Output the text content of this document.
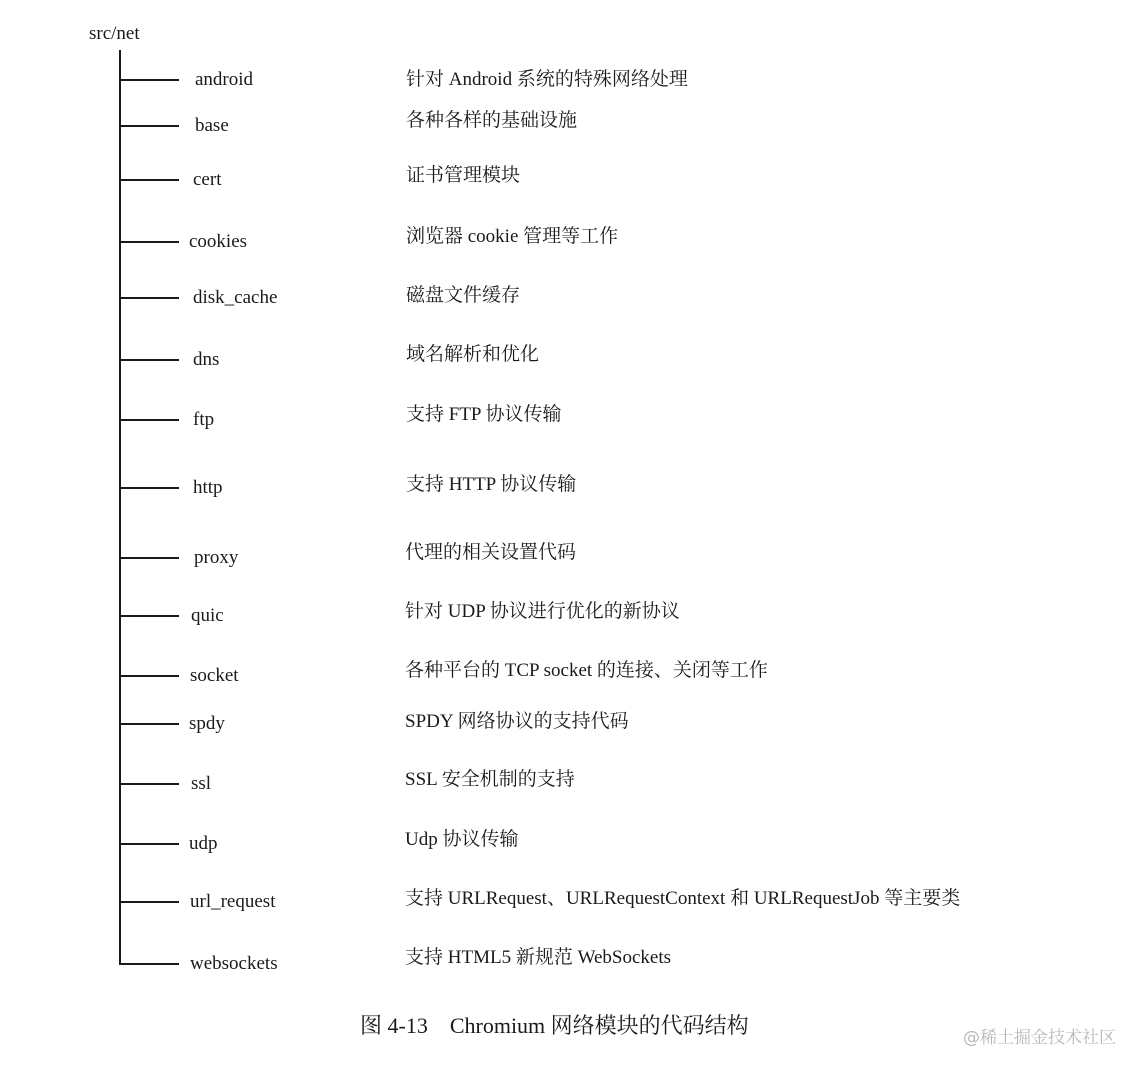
src/net
android	针对 Android 系统的特殊网络处理
base	各种各样的基础设施
cert	证书管理模块
cookies	浏览器 cookie 管理等工作
disk_cache	磁盘文件缓存
dns	域名解析和优化
ftp	支持 FTP 协议传输
http	支持 HTTP 协议传输
proxy	代理的相关设置代码
quic	针对 UDP 协议进行优化的新协议
socket	各种平台的 TCP socket 的连接、关闭等工作
spdy	SPDY 网络协议的支持代码
ssl	SSL 安全机制的支持
udp	Udp 协议传输
url_request	支持 URLRequest、URLRequestContext 和 URLRequestJob 等主要类
websockets	支持 HTML5 新规范 WebSockets
图 4-13 Chromium 网络模块的代码结构	@稀土掘金技术社区
